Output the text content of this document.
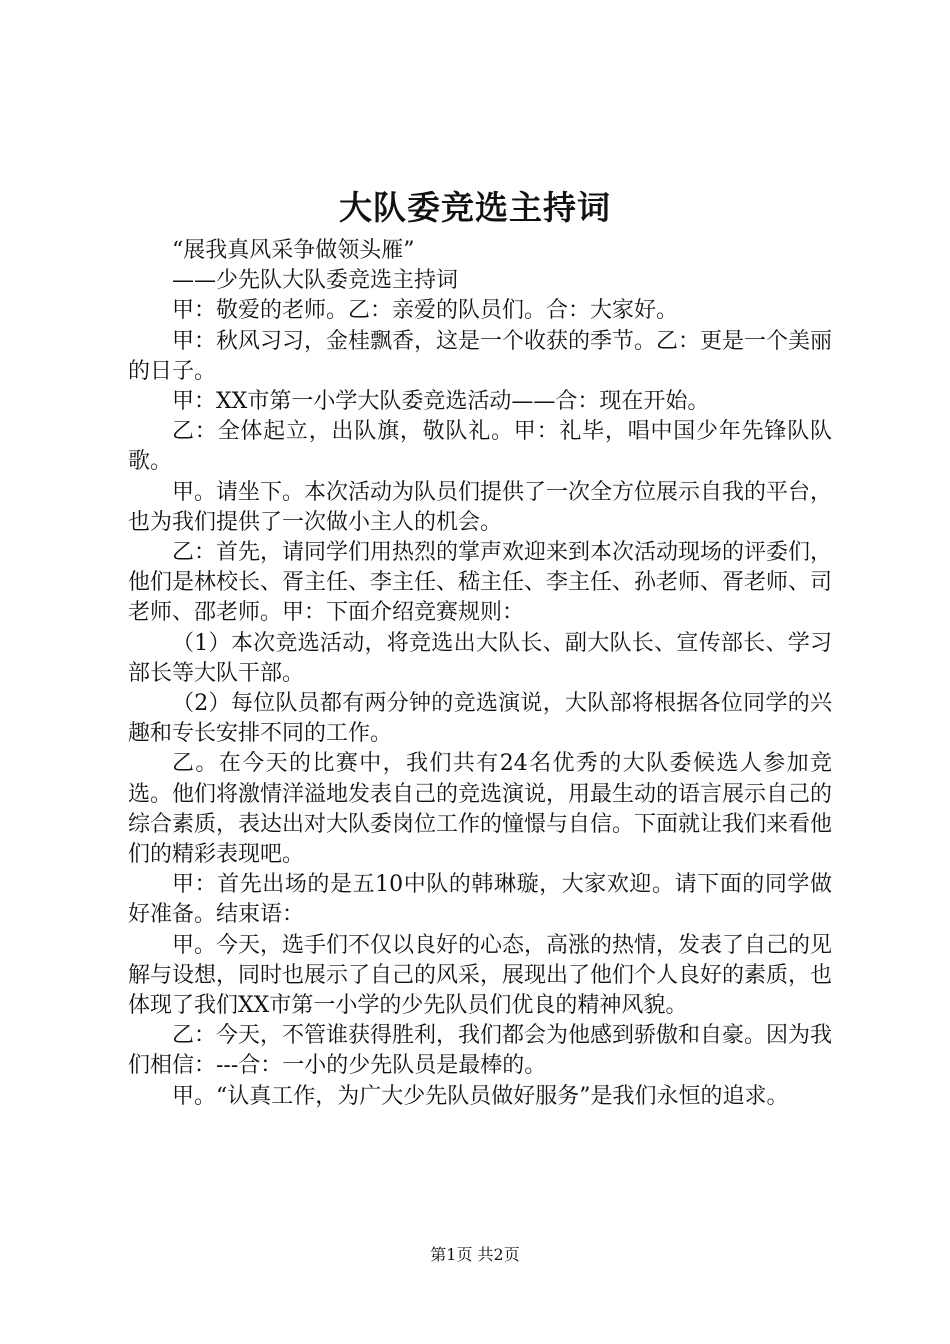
大队委竞选主持词

“展我真风采争做领头雁”

——少先队大队委竞选主持词

甲：敬爱的老师。乙：亲爱的队员们。合：大家好。

甲：秋风习习，金桂飘香，这是一个收获的季节。乙：更是一个美丽的日子。

甲：XX市第一小学大队委竞选活动——合：现在开始。

乙：全体起立，出队旗，敬队礼。甲：礼毕，唱中国少年先锋队队歌。

甲。请坐下。本次活动为队员们提供了一次全方位展示自我的平台，也为我们提供了一次做小主人的机会。

乙：首先，请同学们用热烈的掌声欢迎来到本次活动现场的评委们，他们是林校长、胥主任、李主任、嵇主任、李主任、孙老师、胥老师、司老师、邵老师。甲：下面介绍竞赛规则：

（1）本次竞选活动，将竞选出大队长、副大队长、宣传部长、学习部长等大队干部。

（2）每位队员都有两分钟的竞选演说，大队部将根据各位同学的兴趣和专长安排不同的工作。

乙。在今天的比赛中，我们共有24名优秀的大队委候选人参加竞选。他们将激情洋溢地发表自己的竞选演说，用最生动的语言展示自己的综合素质，表达出对大队委岗位工作的憧憬与自信。下面就让我们来看他们的精彩表现吧。

甲：首先出场的是五10中队的韩琳璇，大家欢迎。请下面的同学做好准备。结束语：

甲。今天，选手们不仅以良好的心态，高涨的热情，发表了自己的见解与设想，同时也展示了自己的风采，展现出了他们个人良好的素质，也体现了我们XX市第一小学的少先队员们优良的精神风貌。

乙：今天，不管谁获得胜利，我们都会为他感到骄傲和自豪。因为我们相信：---合：一小的少先队员是最棒的。

甲。“认真工作，为广大少先队员做好服务”是我们永恒的追求。

第1页 共2页
